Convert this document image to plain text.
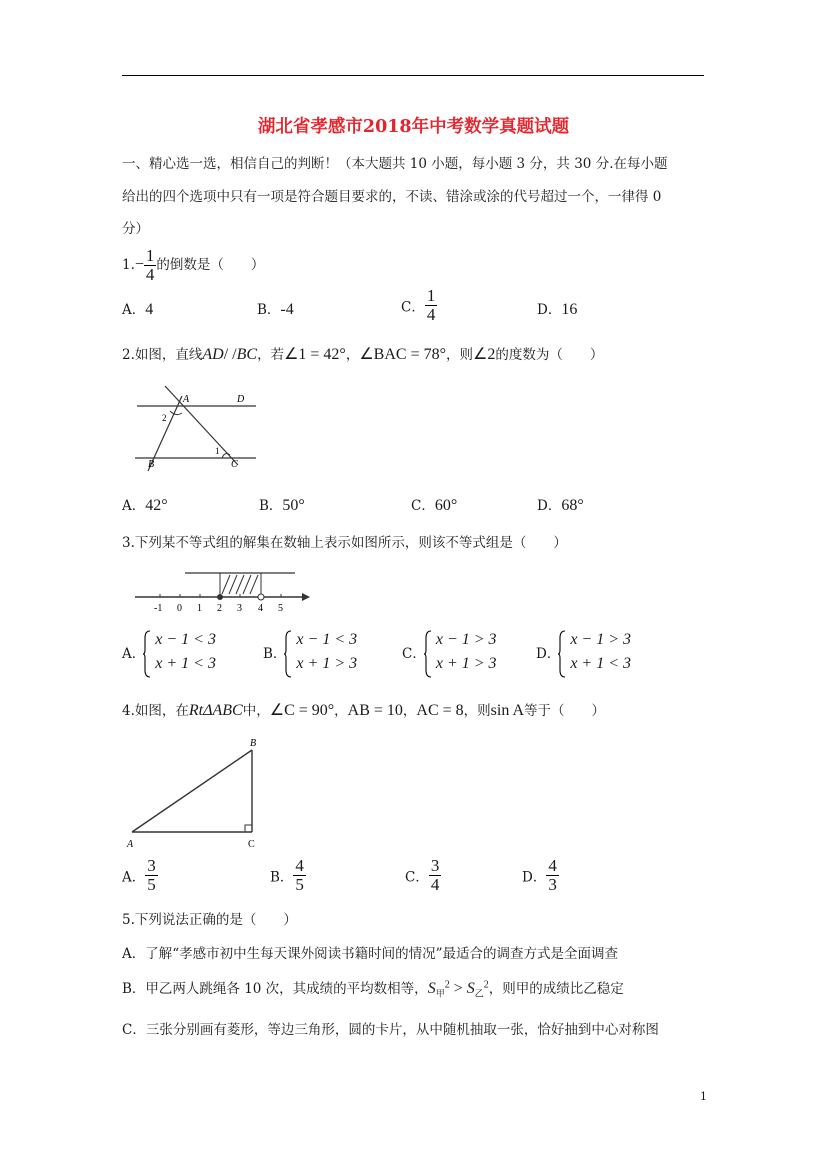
湖北省孝感市2018年中考数学真题试题
一、精心选一选，相信自己的判断！（本大题共 10 小题，每小题 3 分，共 30 分.在每小题
给出的四个选项中只有一项是符合题目要求的，不读、错涂或涂的代号超过一个，一律得 0
分）
$1.- \frac{1}{4}$ 的倒数是（　　）
A．4	B．-4	C． $\frac{1}{4}$	D．16
2.如图，直线AD/ /BC，若∠1 = 42°，∠BAC = 78°，则∠2的度数为（　　）
A	D
B	C
1
2
A．42°	B．50°	C．60°	D．68°
3.下列某不等式组的解集在数轴上表示如图所示，则该不等式组是（　　）
-1 0 1 2 3 4 5
A．
x − 1 < 3
x + 1 < 3
B．
x − 1 < 3
x + 1 > 3
C．
x − 1 > 3
x + 1 > 3
D．
x − 1 > 3
x + 1 < 3
4.如图，在RtΔABC中，∠C = 90°，AB = 10，AC = 8，则sin A等于（　　）
A
B
C
A． $\frac{3}{5}$	B． $\frac{4}{5}$	C． $\frac{3}{4}$	D． $\frac{4}{3}$
5.下列说法正确的是（　　）
A．了解“孝感市初中生每天课外阅读书籍时间的情况”最适合的调查方式是全面调查
B．甲乙两人跳绳各 10 次，其成绩的平均数相等，$S_甲^2 > S_乙^2$，则甲的成绩比乙稳定
C．三张分别画有菱形，等边三角形，圆的卡片，从中随机抽取一张，恰好抽到中心对称图
1
